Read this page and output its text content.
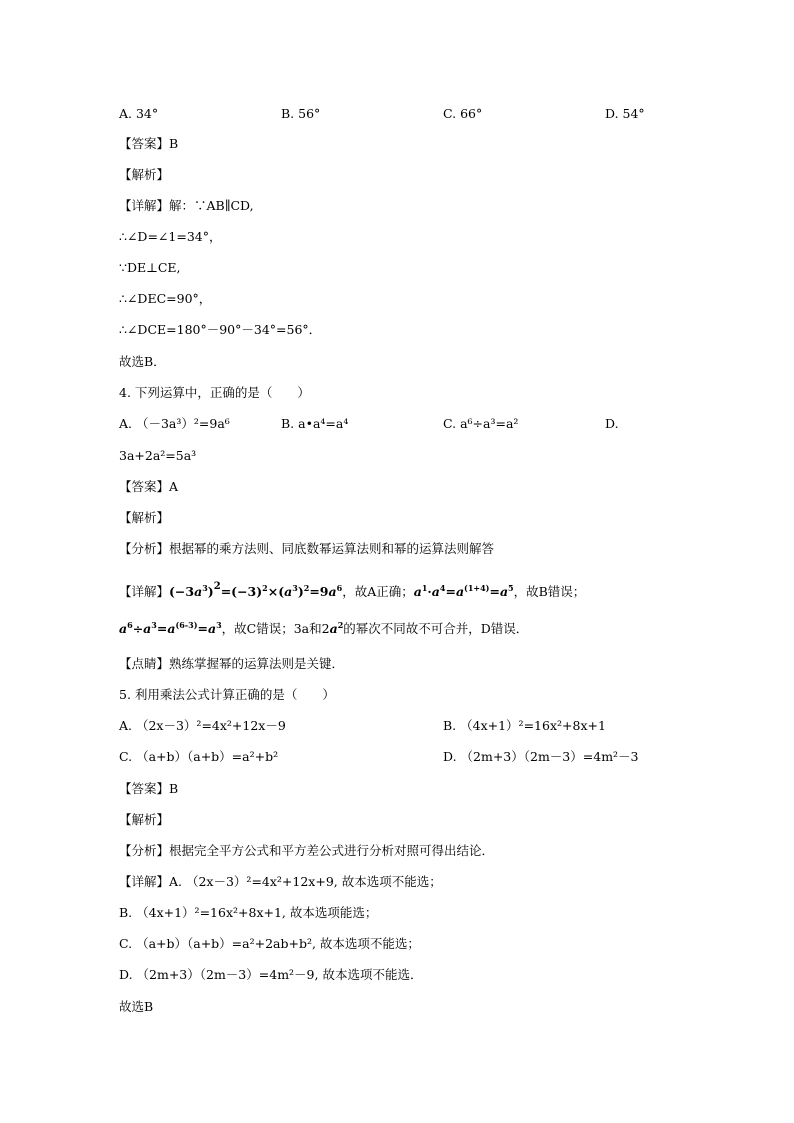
A. 34°	B. 56°	C. 66°	D. 54°
【答案】B
【解析】
【详解】解：∵AB∥CD,
∴∠D=∠1=34°，
∵DE⊥CE,
∴∠DEC=90°，
∴∠DCE=180°－90°－34°=56°．
故选B．
4. 下列运算中，正确的是（　　）
A. （－3a³）²=9a⁶	B. a•a⁴=a⁴	C. a⁶÷a³=a²	D.
3a+2a²=5a³
【答案】A
【解析】
【分析】根据幂的乘方法则、同底数幂运算法则和幂的运算法则解答
【详解】$(-3a^3)^2=(-3)^2\times(a^3)^2=9a^6$，故A正确；$a^1\cdot a^4=a^{(1+4)}=a^5$，故B错误；
$a^6\div a^3=a^{(6-3)}=a^3$，故C错误；3a和$2a^2$的幂次不同故不可合并，D错误．
【点睛】熟练掌握幂的运算法则是关键．
5. 利用乘法公式计算正确的是（　　）
A. （2x－3）²=4x²+12x－9	B. （4x+1）²=16x²+8x+1
C. （a+b）（a+b）=a²+b²	D. （2m+3）（2m－3）=4m²－3
【答案】B
【解析】
【分析】根据完全平方公式和平方差公式进行分析对照可得出结论．
【详解】A. （2x－3）²=4x²+12x+9, 故本选项不能选；
B. （4x+1）²=16x²+8x+1, 故本选项能选；
C. （a+b）（a+b）=a²+2ab+b², 故本选项不能选；
D. （2m+3）（2m－3）=4m²－9, 故本选项不能选．
故选B
